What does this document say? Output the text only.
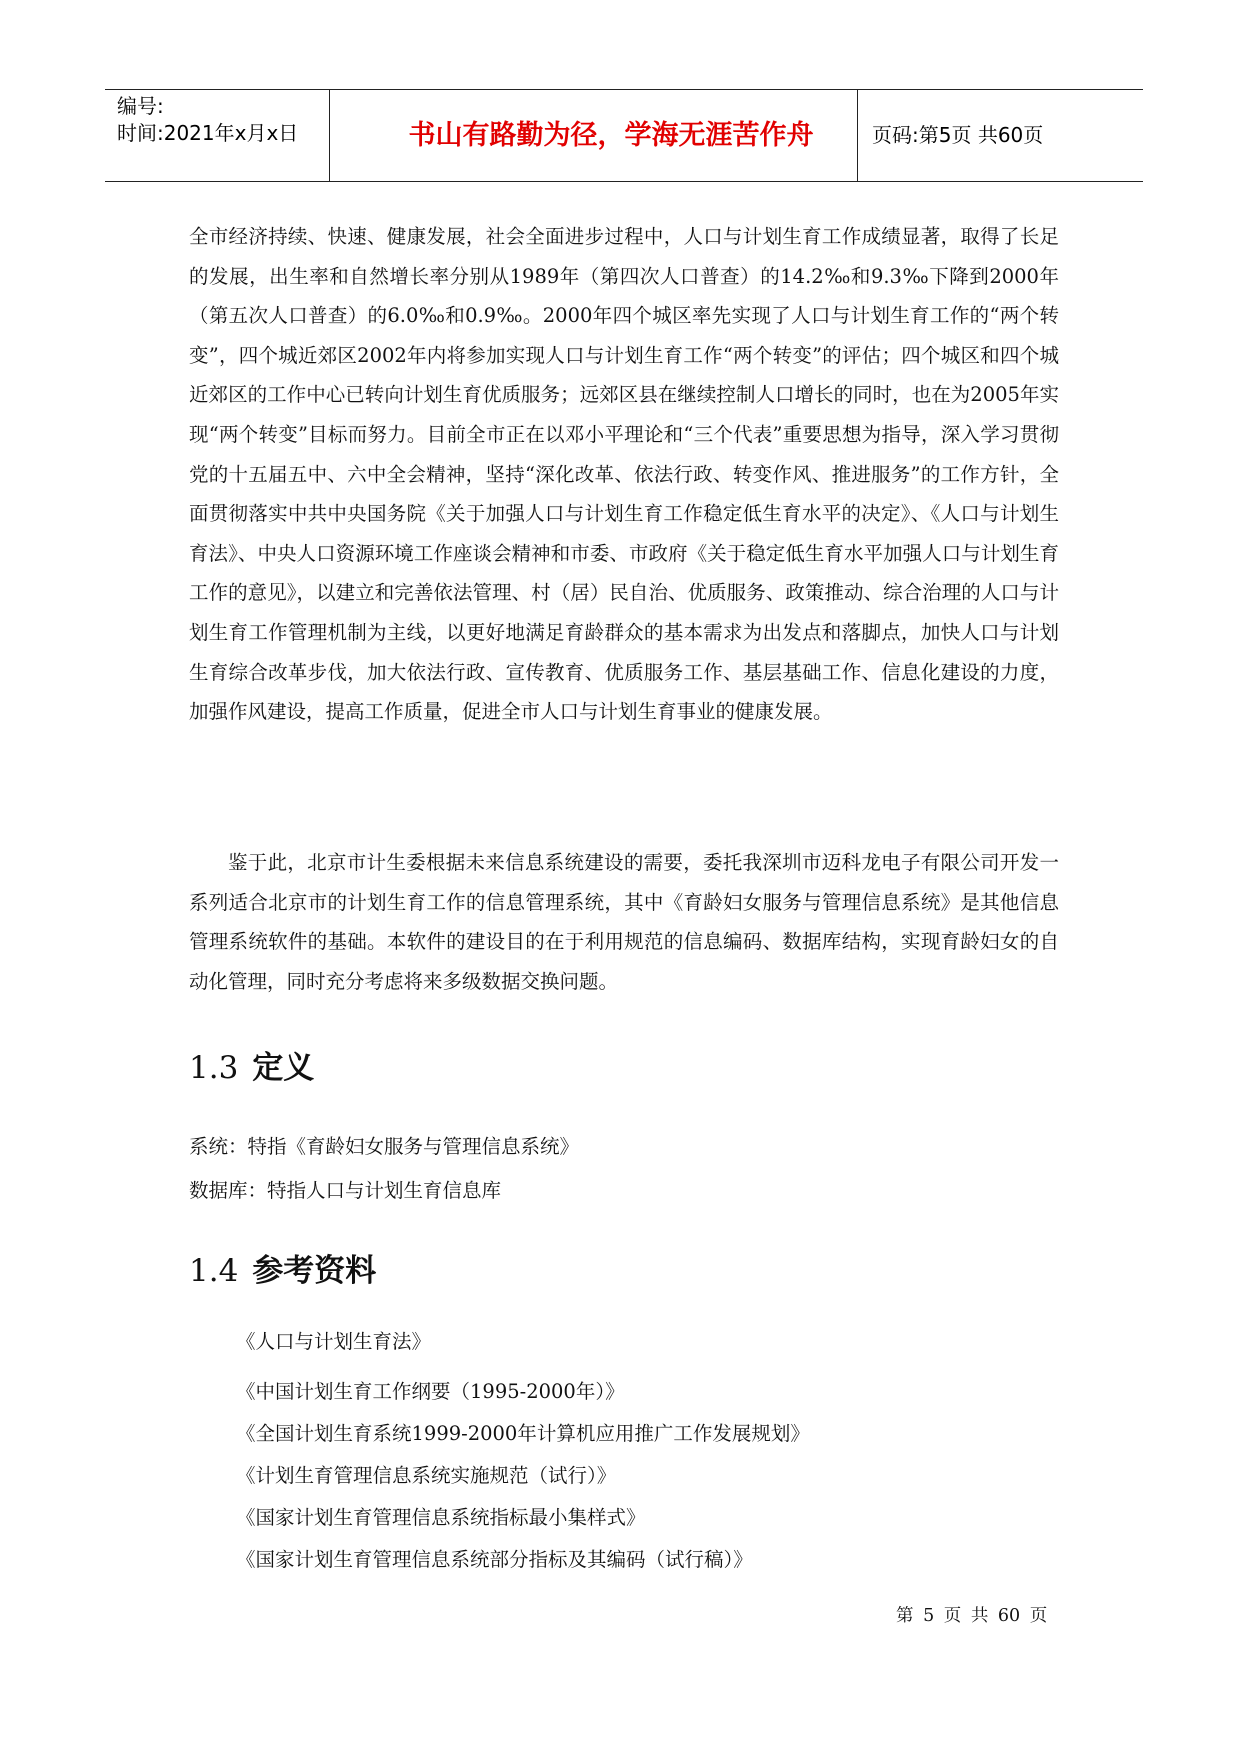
编号:
时间:2021年x月x日	书山有路勤为径，学海无涯苦作舟	页码:第5页 共60页

全市经济持续、快速、健康发展，社会全面进步过程中，人口与计划生育工作成绩显著，取得了长足的发展，出生率和自然增长率分别从1989年（第四次人口普查）的14.2‰和9.3‰下降到2000年（第五次人口普查）的6.0‰和0.9‰。2000年四个城区率先实现了人口与计划生育工作的“两个转变”，四个城近郊区2002年内将参加实现人口与计划生育工作“两个转变”的评估；四个城区和四个城近郊区的工作中心已转向计划生育优质服务；远郊区县在继续控制人口增长的同时，也在为2005年实现“两个转变”目标而努力。目前全市正在以邓小平理论和“三个代表”重要思想为指导，深入学习贯彻党的十五届五中、六中全会精神，坚持“深化改革、依法行政、转变作风、推进服务”的工作方针，全面贯彻落实中共中央国务院《关于加强人口与计划生育工作稳定低生育水平的决定》、《人口与计划生育法》、中央人口资源环境工作座谈会精神和市委、市政府《关于稳定低生育水平加强人口与计划生育工作的意见》，以建立和完善依法管理、村（居）民自治、优质服务、政策推动、综合治理的人口与计划生育工作管理机制为主线，以更好地满足育龄群众的基本需求为出发点和落脚点，加快人口与计划生育综合改革步伐，加大依法行政、宣传教育、优质服务工作、基层基础工作、信息化建设的力度，加强作风建设，提高工作质量，促进全市人口与计划生育事业的健康发展。

鉴于此，北京市计生委根据未来信息系统建设的需要，委托我深圳市迈科龙电子有限公司开发一系列适合北京市的计划生育工作的信息管理系统，其中《育龄妇女服务与管理信息系统》是其他信息管理系统软件的基础。本软件的建设目的在于利用规范的信息编码、数据库结构，实现育龄妇女的自动化管理，同时充分考虑将来多级数据交换问题。

1.3 定义
系统：特指《育龄妇女服务与管理信息系统》
数据库：特指人口与计划生育信息库
1.4 参考资料
《人口与计划生育法》
《中国计划生育工作纲要（1995-2000年）》
《全国计划生育系统1999-2000年计算机应用推广工作发展规划》
《计划生育管理信息系统实施规范（试行）》
《国家计划生育管理信息系统指标最小集样式》
《国家计划生育管理信息系统部分指标及其编码（试行稿）》
第 5 页 共 60 页
